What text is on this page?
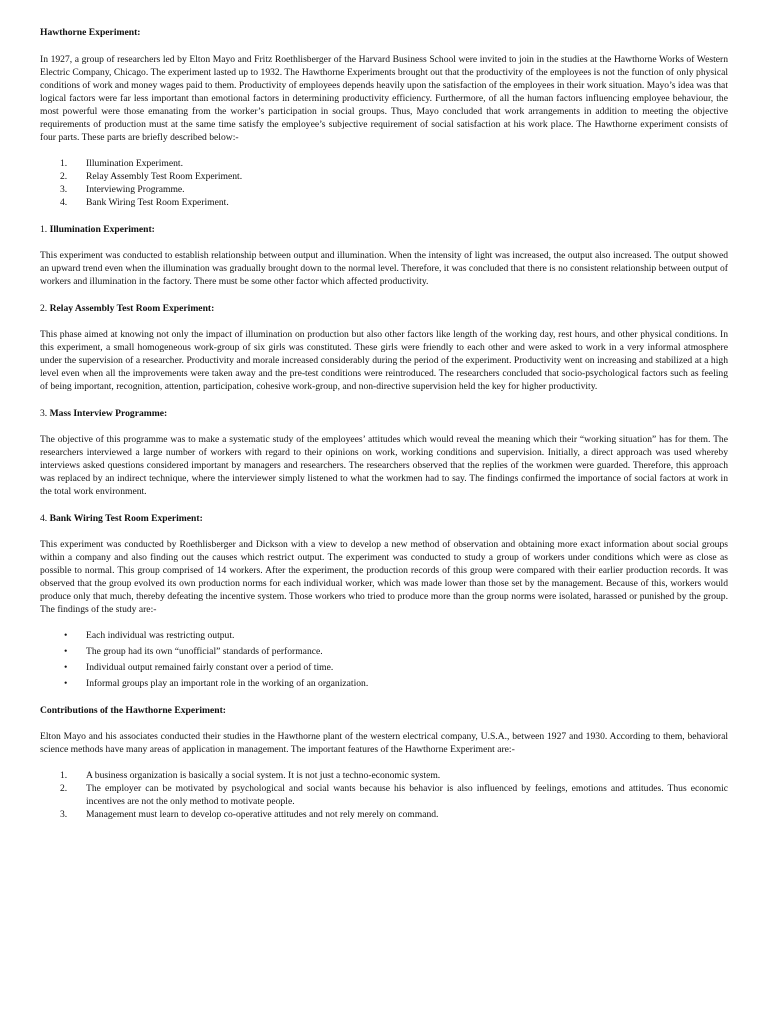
Hawthorne Experiment:

In 1927, a group of researchers led by Elton Mayo and Fritz Roethlisberger of the Harvard Business School were invited to join in the studies at the Hawthorne Works of Western Electric Company, Chicago. The experiment lasted up to 1932. The Hawthorne Experiments brought out that the productivity of the employees is not the function of only physical conditions of work and money wages paid to them. Productivity of employees depends heavily upon the satisfaction of the employees in their work situation. Mayo’s idea was that logical factors were far less important than emotional factors in determining productivity efficiency. Furthermore, of all the human factors influencing employee behaviour, the most powerful were those emanating from the worker’s participation in social groups. Thus, Mayo concluded that work arrangements in addition to meeting the objective requirements of production must at the same time satisfy the employee’s subjective requirement of social satisfaction at his work place. The Hawthorne experiment consists of four parts. These parts are briefly described below:-

1. Illumination Experiment.
2. Relay Assembly Test Room Experiment.
3. Interviewing Programme.
4. Bank Wiring Test Room Experiment.

1. Illumination Experiment:

This experiment was conducted to establish relationship between output and illumination. When the intensity of light was increased, the output also increased. The output showed an upward trend even when the illumination was gradually brought down to the normal level. Therefore, it was concluded that there is no consistent relationship between output of workers and illumination in the factory. There must be some other factor which affected productivity.

2. Relay Assembly Test Room Experiment:

This phase aimed at knowing not only the impact of illumination on production but also other factors like length of the working day, rest hours, and other physical conditions. In this experiment, a small homogeneous work-group of six girls was constituted. These girls were friendly to each other and were asked to work in a very informal atmosphere under the supervision of a researcher. Productivity and morale increased considerably during the period of the experiment. Productivity went on increasing and stabilized at a high level even when all the improvements were taken away and the pre-test conditions were reintroduced. The researchers concluded that socio-psychological factors such as feeling of being important, recognition, attention, participation, cohesive work-group, and non-directive supervision held the key for higher productivity.

3. Mass Interview Programme:

The objective of this programme was to make a systematic study of the employees’ attitudes which would reveal the meaning which their “working situation” has for them. The researchers interviewed a large number of workers with regard to their opinions on work, working conditions and supervision. Initially, a direct approach was used whereby interviews asked questions considered important by managers and researchers. The researchers observed that the replies of the workmen were guarded. Therefore, this approach was replaced by an indirect technique, where the interviewer simply listened to what the workmen had to say. The findings confirmed the importance of social factors at work in the total work environment.

4. Bank Wiring Test Room Experiment:

This experiment was conducted by Roethlisberger and Dickson with a view to develop a new method of observation and obtaining more exact information about social groups within a company and also finding out the causes which restrict output. The experiment was conducted to study a group of workers under conditions which were as close as possible to normal. This group comprised of 14 workers. After the experiment, the production records of this group were compared with their earlier production records. It was observed that the group evolved its own production norms for each individual worker, which was made lower than those set by the management. Because of this, workers would produce only that much, thereby defeating the incentive system. Those workers who tried to produce more than the group norms were isolated, harassed or punished by the group. The findings of the study are:-

• Each individual was restricting output.
• The group had its own “unofficial” standards of performance.
• Individual output remained fairly constant over a period of time.
• Informal groups play an important role in the working of an organization.

Contributions of the Hawthorne Experiment:

Elton Mayo and his associates conducted their studies in the Hawthorne plant of the western electrical company, U.S.A., between 1927 and 1930. According to them, behavioral science methods have many areas of application in management. The important features of the Hawthorne Experiment are:-

1. A business organization is basically a social system. It is not just a techno-economic system.
2. The employer can be motivated by psychological and social wants because his behavior is also influenced by feelings, emotions and attitudes. Thus economic incentives are not the only method to motivate people.
3. Management must learn to develop co-operative attitudes and not rely merely on command.
